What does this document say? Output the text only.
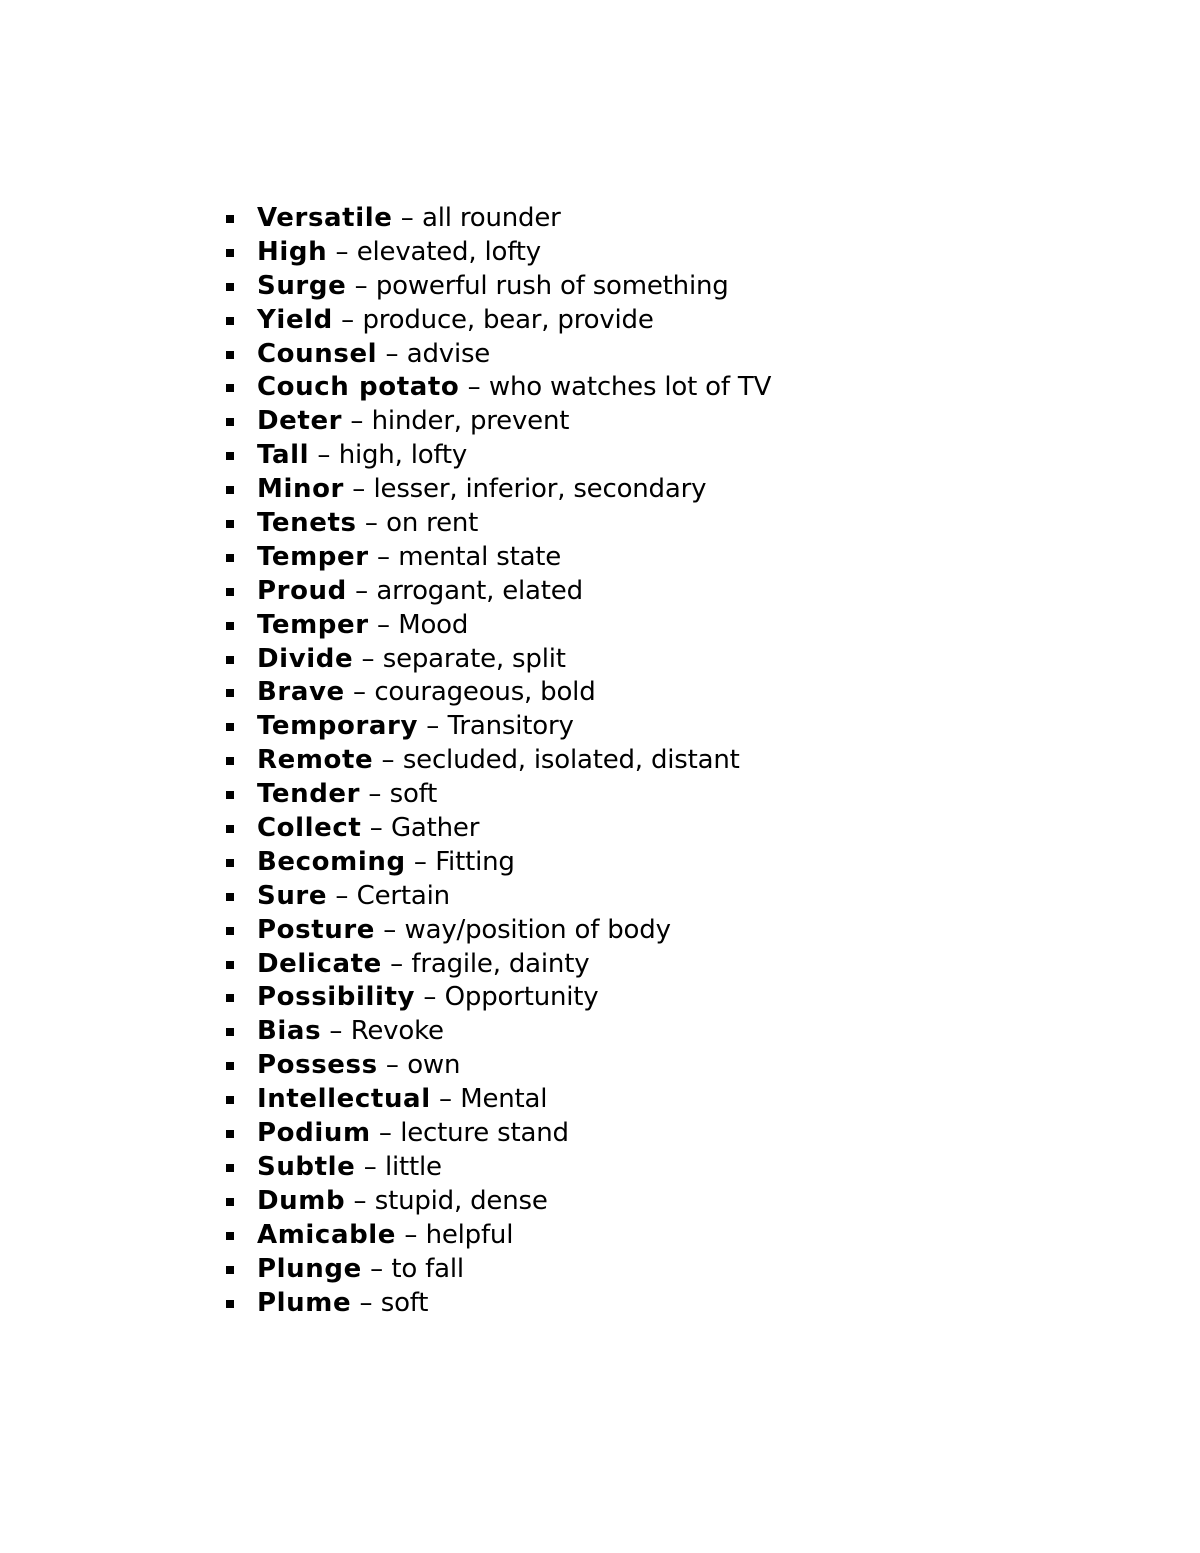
Versatile – all rounder
High – elevated, lofty
Surge – powerful rush of something
Yield – produce, bear, provide
Counsel – advise
Couch potato – who watches lot of TV
Deter – hinder, prevent
Tall – high, lofty
Minor – lesser, inferior, secondary
Tenets – on rent
Temper – mental state
Proud – arrogant, elated
Temper – Mood
Divide – separate, split
Brave – courageous, bold
Temporary – Transitory
Remote – secluded, isolated, distant
Tender – soft
Collect – Gather
Becoming – Fitting
Sure – Certain
Posture – way/position of body
Delicate – fragile, dainty
Possibility – Opportunity
Bias – Revoke
Possess – own
Intellectual – Mental
Podium – lecture stand
Subtle – little
Dumb – stupid, dense
Amicable – helpful
Plunge – to fall
Plume – soft
